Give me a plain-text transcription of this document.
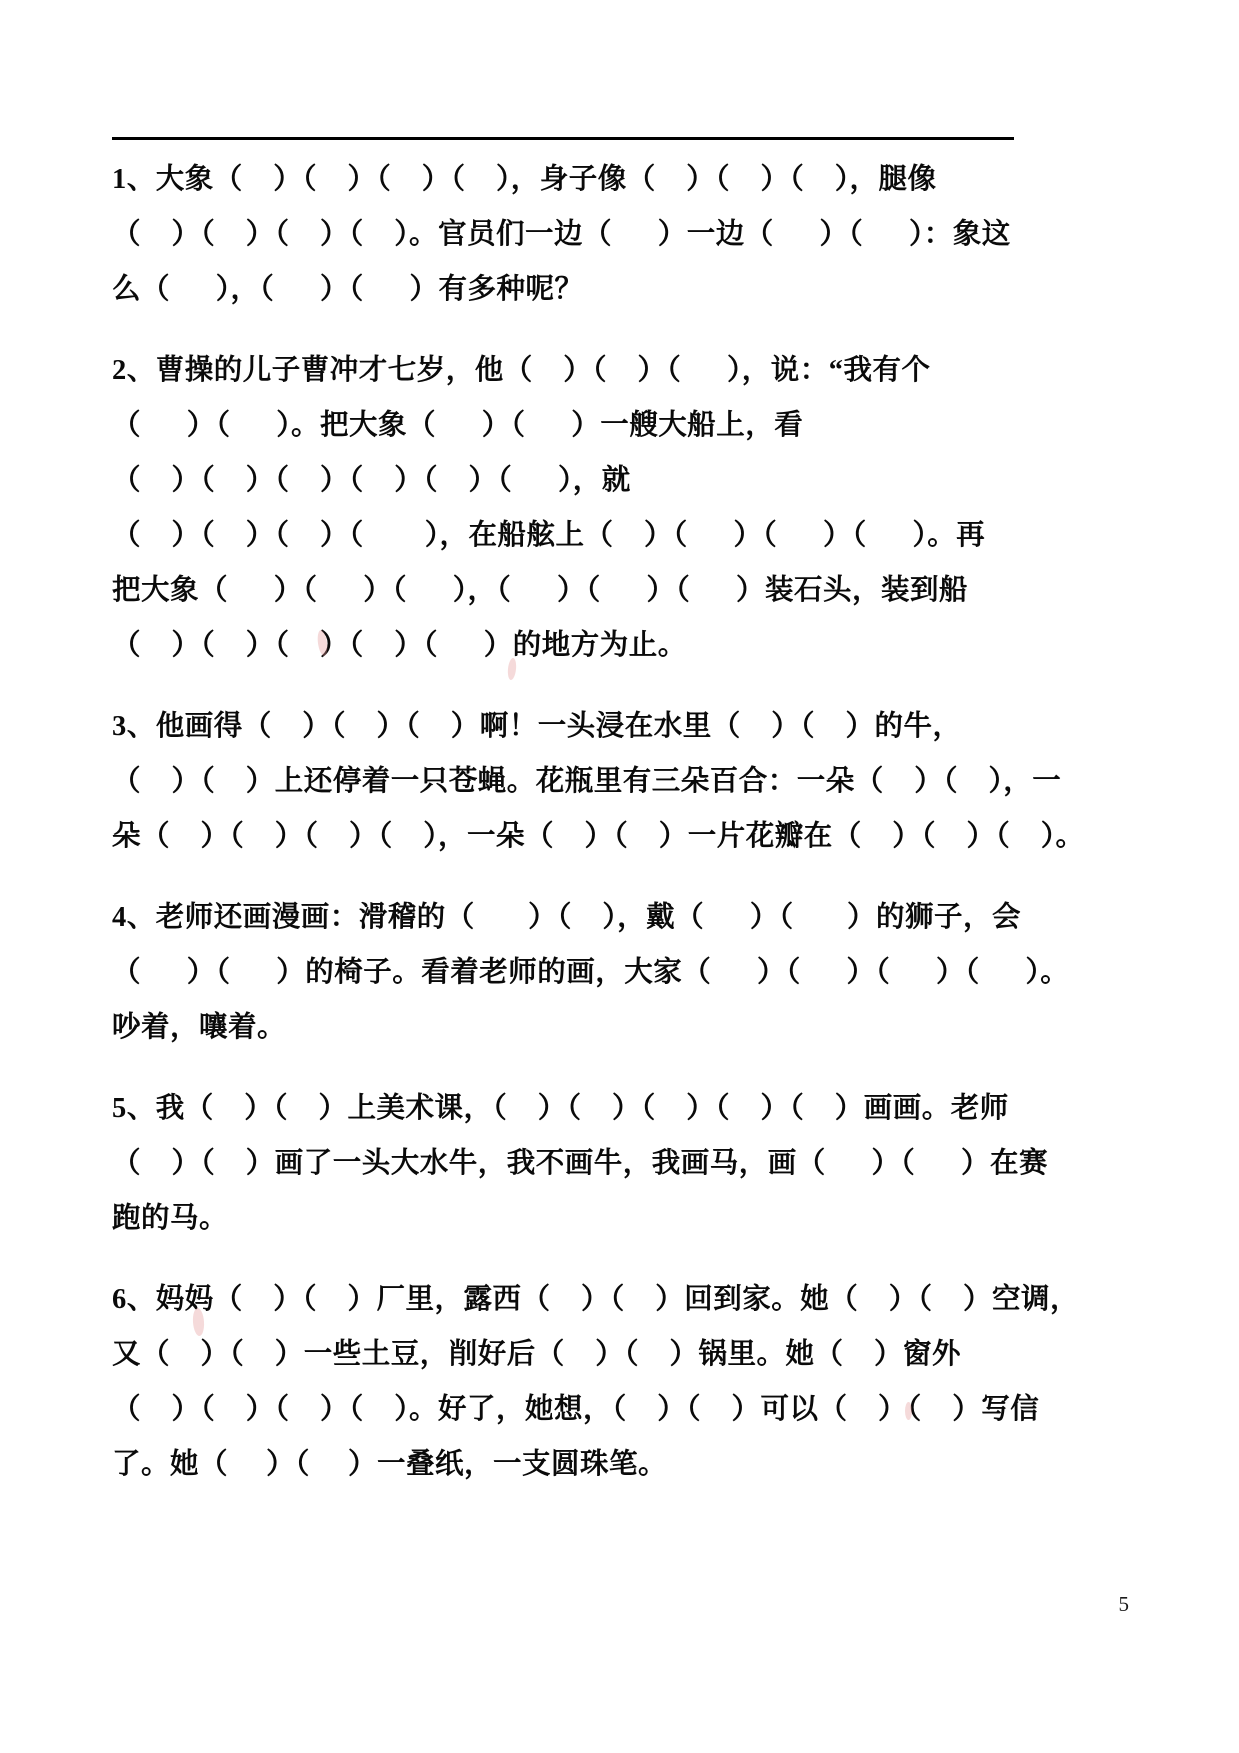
1、大象（    ）（    ）（    ）（    ），身子像（    ）（    ）（    ），腿像
（    ）（    ）（    ）（    ）。官员们一边（      ）一边（      ）（      ）：象这
么（      ），（      ）（      ）有多种呢？
2、曹操的儿子曹冲才七岁，他（    ）（    ）（      ），说：“我有个
（      ）（      ）。把大象（      ）（      ）一艘大船上，看
（    ）（    ）（    ）（    ）（    ）（      ），就
（    ）（    ）（    ）（        ），在船舷上（    ）（      ）（      ）（      ）。再
把大象（      ）（      ）（      ），（      ）（      ）（      ）装石头，装到船
（    ）（    ）（    ）（    ）（      ）的地方为止。
3、他画得（    ）（    ）（    ）啊！一头浸在水里（    ）（    ）的牛，
（    ）（    ）上还停着一只苍蝇。花瓶里有三朵百合：一朵（    ）（    ），一
朵（    ）（    ）（    ）（    ），一朵（    ）（    ）一片花瓣在（    ）（    ）（    ）。
4、老师还画漫画：滑稽的（       ）（    ），戴（      ）（       ）的狮子，会
（      ）（      ）的椅子。看着老师的画，大家（      ）（      ）（      ）（      ）。
吵着，嚷着。
5、我（    ）（    ）上美术课，（    ）（    ）（    ）（    ）（    ）画画。老师
（    ）（    ）画了一头大水牛，我不画牛，我画马，画（      ）（      ）在赛
跑的马。
6、妈妈（    ）（    ）厂里，露西（    ）（    ）回到家。她（    ）（    ）空调，
又（    ）（    ）一些土豆，削好后（    ）（    ）锅里。她（    ）窗外
（    ）（    ）（    ）（    ）。好了，她想，（    ）（    ）可以（    ）（    ）写信
了。她（     ）（     ）一叠纸，一支圆珠笔。
5
